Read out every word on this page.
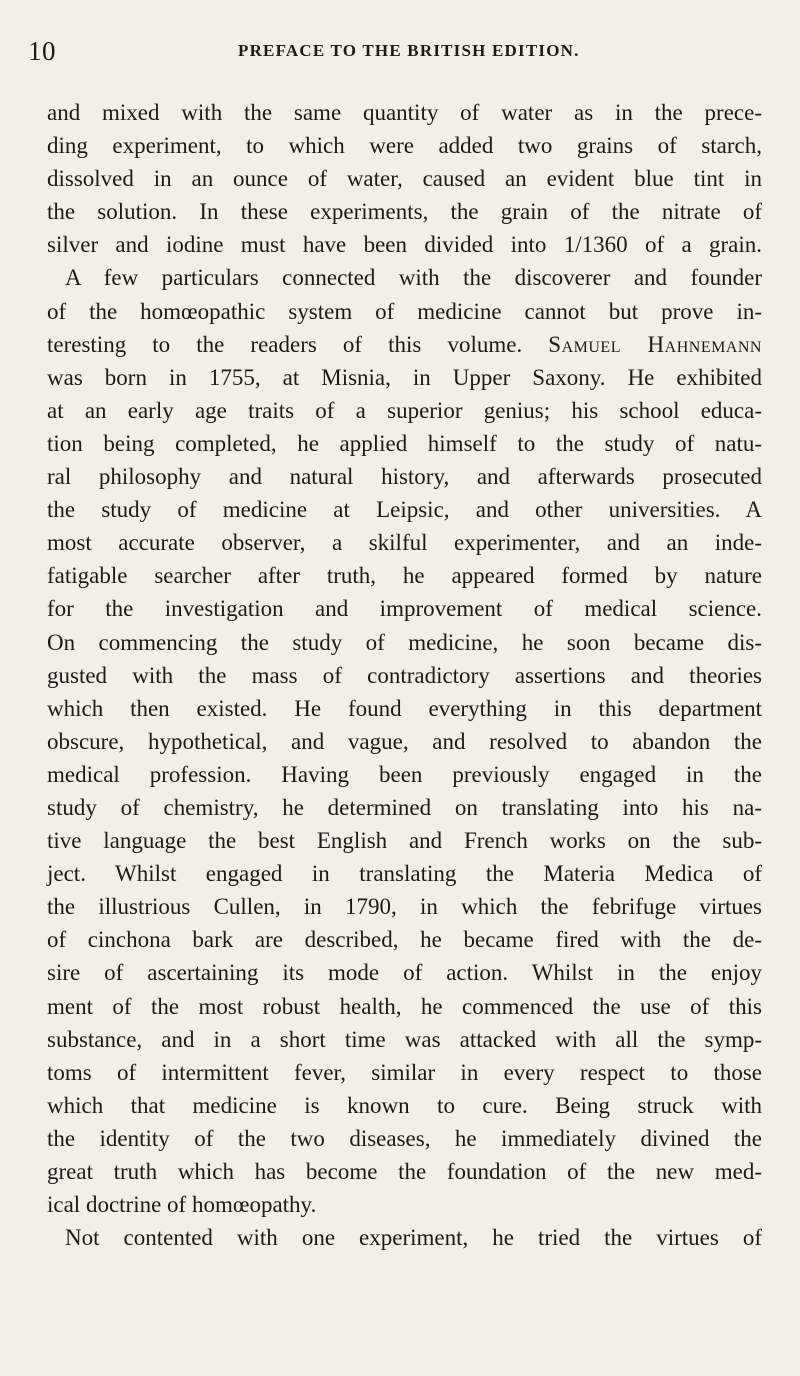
10	PREFACE TO THE BRITISH EDITION.
and mixed with the same quantity of water as in the prece-
ding experiment, to which were added two grains of starch,
dissolved in an ounce of water, caused an evident blue tint in
the solution. In these experiments, the grain of the nitrate of
silver and iodine must have been divided into 1/1360 of a grain.
A few particulars connected with the discoverer and founder
of the homœopathic system of medicine cannot but prove in-
teresting to the readers of this volume. Samuel Hahnemann
was born in 1755, at Misnia, in Upper Saxony. He exhibited
at an early age traits of a superior genius; his school educa-
tion being completed, he applied himself to the study of natu-
ral philosophy and natural history, and afterwards prosecuted
the study of medicine at Leipsic, and other universities. A
most accurate observer, a skilful experimenter, and an inde-
fatigable searcher after truth, he appeared formed by nature
for the investigation and improvement of medical science.
On commencing the study of medicine, he soon became dis-
gusted with the mass of contradictory assertions and theories
which then existed. He found everything in this department
obscure, hypothetical, and vague, and resolved to abandon the
medical profession. Having been previously engaged in the
study of chemistry, he determined on translating into his na-
tive language the best English and French works on the sub-
ject. Whilst engaged in translating the Materia Medica of
the illustrious Cullen, in 1790, in which the febrifuge virtues
of cinchona bark are described, he became fired with the de-
sire of ascertaining its mode of action. Whilst in the enjoy
ment of the most robust health, he commenced the use of this
substance, and in a short time was attacked with all the symp-
toms of intermittent fever, similar in every respect to those
which that medicine is known to cure. Being struck with
the identity of the two diseases, he immediately divined the
great truth which has become the foundation of the new med-
ical doctrine of homœopathy.
Not contented with one experiment, he tried the virtues of
